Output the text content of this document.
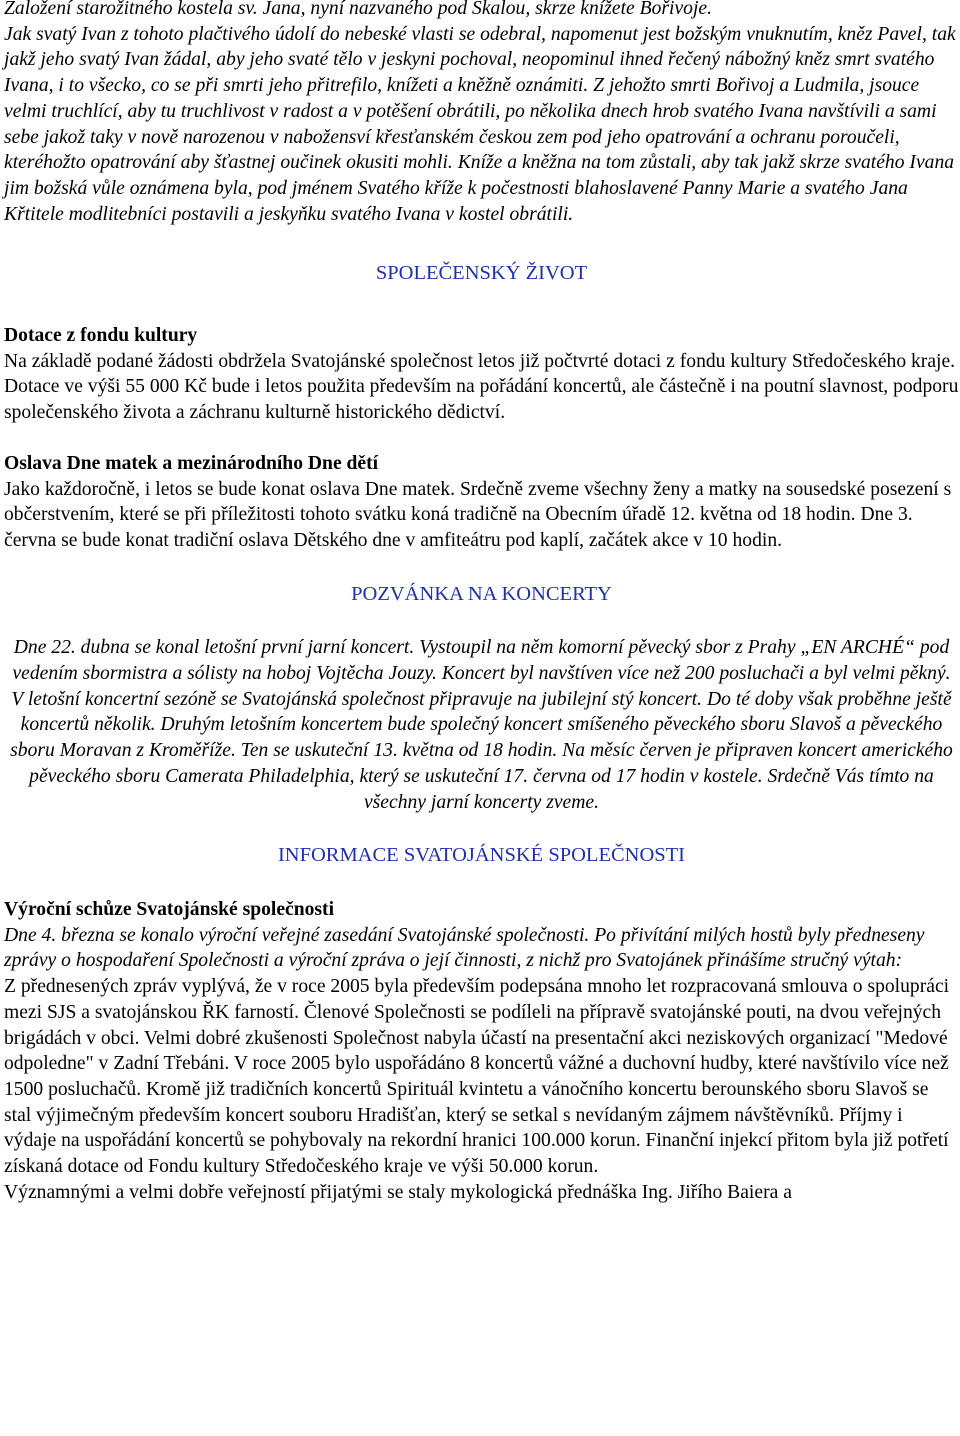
Založení starožitného kostela sv. Jana, nyní nazvaného pod Skalou, skrze knížete Bořivoje.

Jak svatý Ivan z tohoto plačtivého údolí do nebeské vlasti se odebral, napomenut jest božským vnuknutím, kněz Pavel, tak jakž jeho svatý Ivan žádal, aby jeho svaté tělo v jeskyni pochoval, neopominul ihned řečený nábožný kněz smrt svatého Ivana, i to všecko, co se při smrti jeho přitrefilo, knížeti a kněžně oznámiti. Z jehožto smrti Bořivoj a Ludmila, jsouce velmi truchlící, aby tu truchlivost v radost a v potěšení obrátili, po několika dnech hrob svatého Ivana navštívili a sami sebe jakož taky v nově narozenou v nabožensví křesťanském českou zem pod jeho opatrování a ochranu poroučeli, kteréhožto opatrování aby šťastnej oučinek okusiti mohli. Kníže a kněžna na tom zůstali, aby tak jakž skrze svatého Ivana jim božská vůle oznámena byla, pod jménem Svatého kříže k počestnosti blahoslavené Panny Marie a svatého Jana Křtitele modlitebníci postavili a jeskyňku svatého Ivana v kostel obrátili.

SPOLEČENSKÝ ŽIVOT

Dotace z fondu kultury

Na základě podané žádosti obdržela Svatojánské společnost letos již počtvrté dotaci z fondu kultury Středočeského kraje. Dotace ve výši 55 000 Kč bude i letos použita především na pořádání koncertů, ale částečně i na poutní slavnost, podporu společenského života a záchranu kulturně historického dědictví.

Oslava Dne matek a mezinárodního Dne dětí

Jako každoročně, i letos se bude konat oslava Dne matek. Srdečně zveme všechny ženy a matky na sousedské posezení s občerstvením, které se při příležitosti tohoto svátku koná tradičně na Obecním úřadě 12. května od 18 hodin. Dne 3. června se bude konat tradiční oslava Dětského dne v amfiteátru pod kaplí, začátek akce v 10 hodin.

POZVÁNKA NA KONCERTY

Dne 22. dubna se konal letošní první jarní koncert. Vystoupil na něm komorní pěvecký sbor z Prahy „EN ARCHÉ“ pod vedením sbormistra a sólisty na hoboj Vojtěcha Jouzy. Koncert byl navštíven více než 200 posluchači a byl velmi pěkný.

V letošní koncertní sezóně se Svatojánská společnost připravuje na jubilejní stý koncert. Do té doby však proběhne ještě koncertů několik. Druhým letošním koncertem bude společný koncert smíšeného pěveckého sboru Slavoš a pěveckého sboru Moravan z Kroměříže. Ten se uskuteční 13. května od 18 hodin. Na měsíc červen je připraven koncert amerického pěveckého sboru Camerata Philadelphia, který se uskuteční 17. června od 17 hodin v kostele. Srdečně Vás tímto na všechny jarní koncerty zveme.

INFORMACE SVATOJÁNSKÉ SPOLEČNOSTI

Výroční schůze Svatojánské společnosti

Dne 4. března se konalo výroční veřejné zasedání Svatojánské společnosti. Po přivítání milých hostů byly předneseny zprávy o hospodaření Společnosti a výroční zpráva o její činnosti, z nichž pro Svatojánek přinášíme stručný výtah:

Z přednesených zpráv vyplývá, že v roce 2005 byla především podepsána mnoho let rozpracovaná smlouva o spolupráci mezi SJS a svatojánskou ŘK farností. Členové Společnosti se podíleli na přípravě svatojánské pouti, na dvou veřejných brigádách v obci. Velmi dobré zkušenosti Společnost nabyla účastí na presentační akci neziskových organizací "Medové odpoledne" v Zadní Třebáni. V roce 2005 bylo uspořádáno 8 koncertů vážné a duchovní hudby, které navštívilo více než 1500 posluchačů. Kromě již tradičních koncertů Spirituál kvintetu a vánočního koncertu berounského sboru Slavoš se stal výjimečným především koncert souboru Hradišťan, který se setkal s nevídaným zájmem návštěvníků. Příjmy i výdaje na uspořádání koncertů se pohybovaly na rekordní hranici 100.000 korun. Finanční injekcí přitom byla již potřetí získaná dotace od Fondu kultury Středočeského kraje ve výši 50.000 korun.

Významnými a velmi dobře veřejností přijatými se staly mykologická přednáška Ing. Jiřího Baiera a
